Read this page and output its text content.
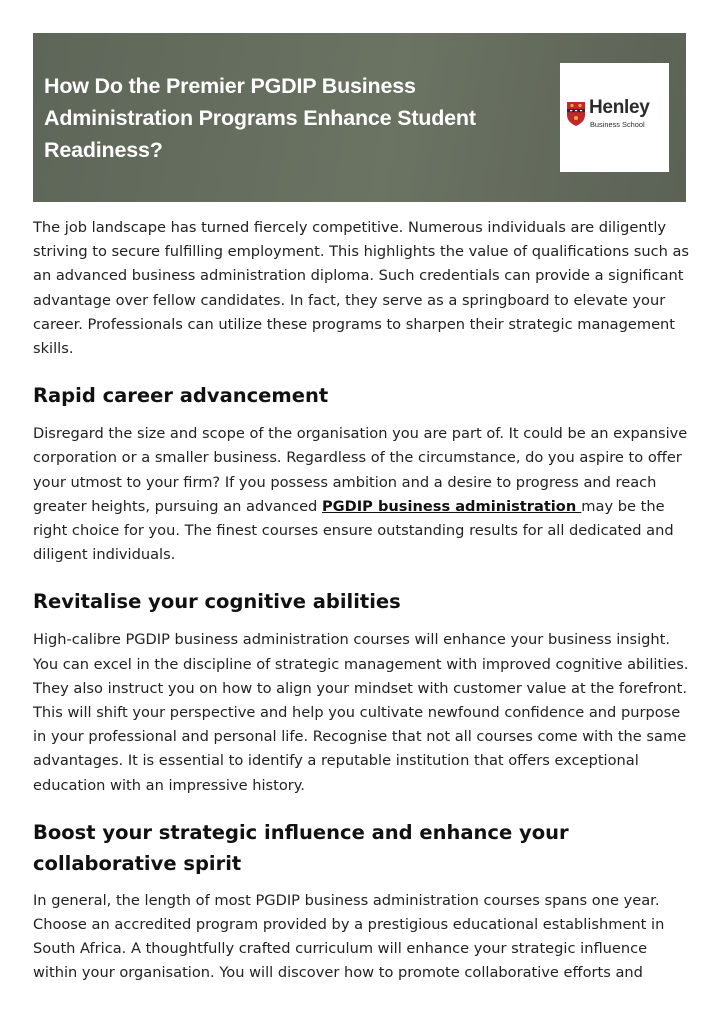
How Do the Premier PGDIP Business Administration Programs Enhance Student Readiness?
Henley
Business School

The job landscape has turned fiercely competitive. Numerous individuals are diligently striving to secure fulfilling employment. This highlights the value of qualifications such as an advanced business administration diploma. Such credentials can provide a significant advantage over fellow candidates. In fact, they serve as a springboard to elevate your career. Professionals can utilize these programs to sharpen their strategic management skills.

Rapid career advancement

Disregard the size and scope of the organisation you are part of. It could be an expansive corporation or a smaller business. Regardless of the circumstance, do you aspire to offer your utmost to your firm? If you possess ambition and a desire to progress and reach greater heights, pursuing an advanced PGDIP business administration may be the right choice for you. The finest courses ensure outstanding results for all dedicated and diligent individuals.

Revitalise your cognitive abilities

High-calibre PGDIP business administration courses will enhance your business insight. You can excel in the discipline of strategic management with improved cognitive abilities. They also instruct you on how to align your mindset with customer value at the forefront. This will shift your perspective and help you cultivate newfound confidence and purpose in your professional and personal life. Recognise that not all courses come with the same advantages. It is essential to identify a reputable institution that offers exceptional education with an impressive history.

Boost your strategic influence and enhance your collaborative spirit

In general, the length of most PGDIP business administration courses spans one year. Choose an accredited program provided by a prestigious educational establishment in South Africa. A thoughtfully crafted curriculum will enhance your strategic influence within your organisation. You will discover how to promote collaborative efforts and
